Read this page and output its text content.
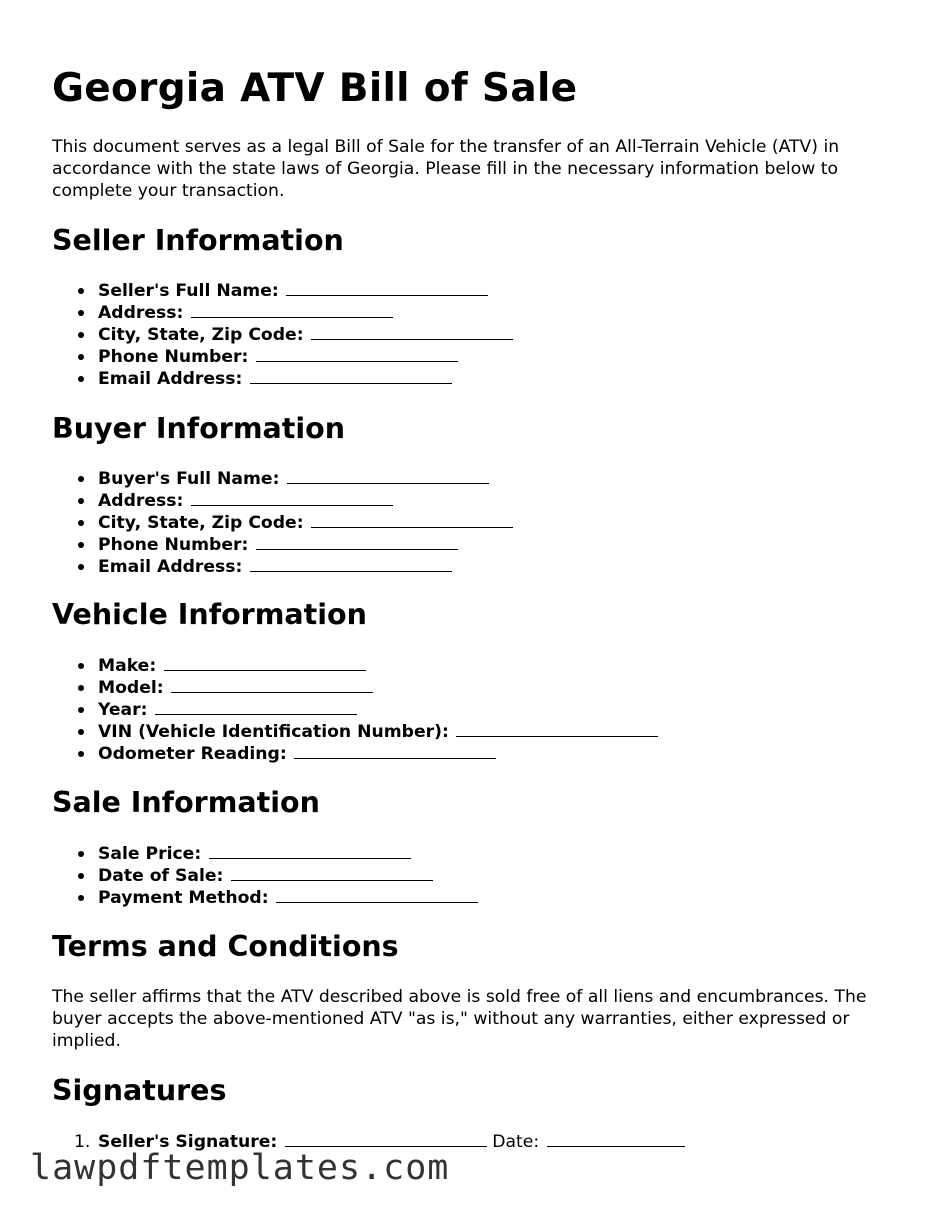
Georgia ATV Bill of Sale

This document serves as a legal Bill of Sale for the transfer of an All-Terrain Vehicle (ATV) in accordance with the state laws of Georgia. Please fill in the necessary information below to complete your transaction.

Seller Information
Seller's Full Name:
Address:
City, State, Zip Code:
Phone Number:
Email Address:
Buyer Information
Buyer's Full Name:
Address:
City, State, Zip Code:
Phone Number:
Email Address:
Vehicle Information
Make:
Model:
Year:
VIN (Vehicle Identification Number):
Odometer Reading:
Sale Information
Sale Price:
Date of Sale:
Payment Method:
Terms and Conditions

The seller affirms that the ATV described above is sold free of all liens and encumbrances. The buyer accepts the above-mentioned ATV "as is," without any warranties, either expressed or implied.

Signatures
1. Seller's Signature:	Date:
lawpdftemplates.com
